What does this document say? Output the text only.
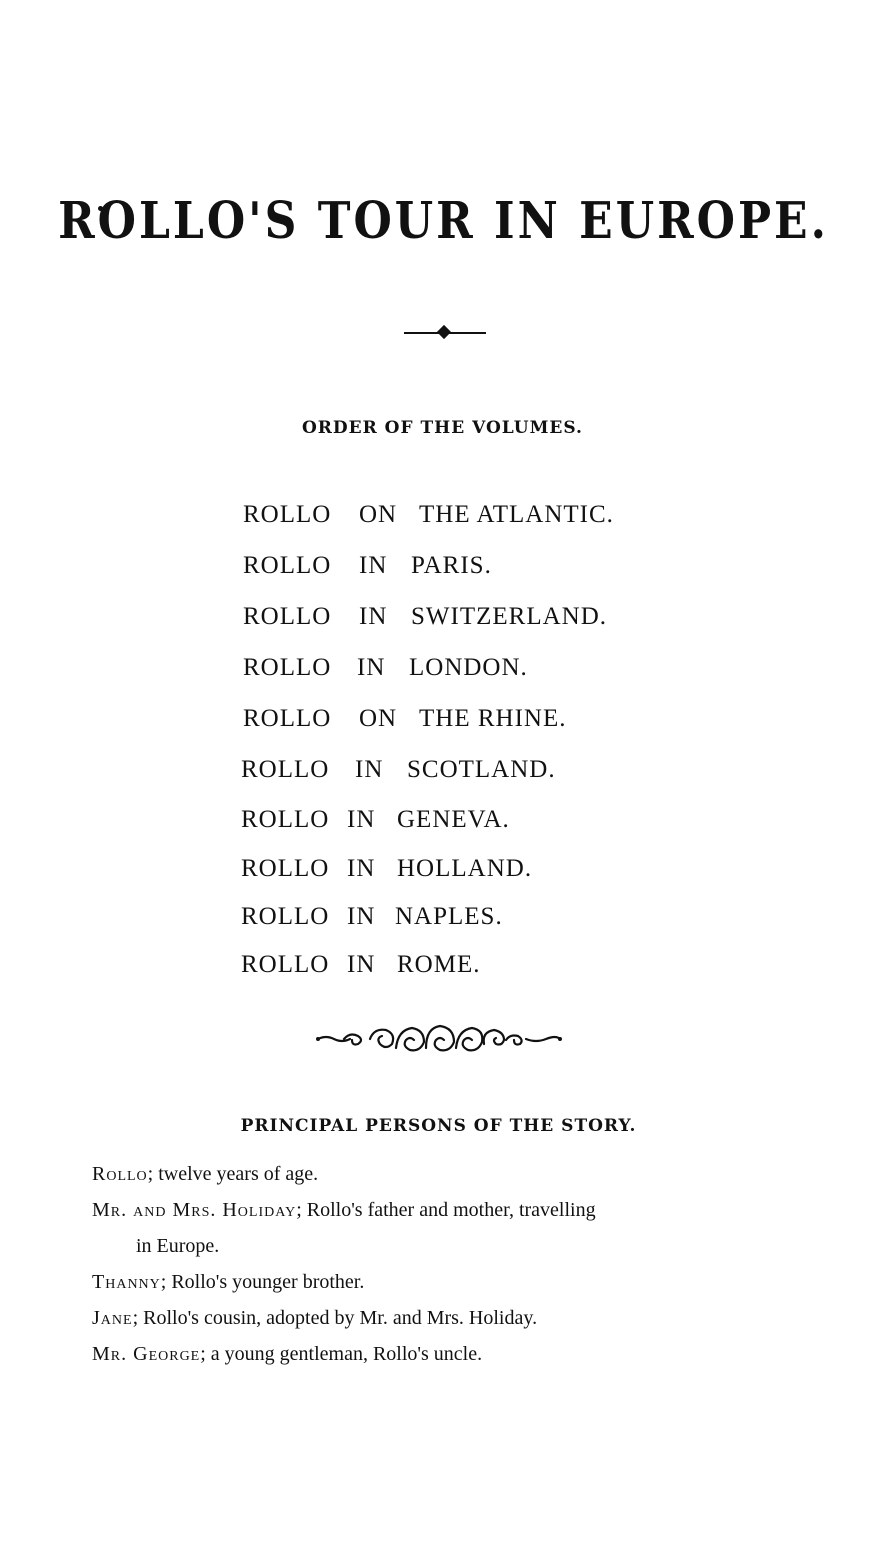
ROLLO'S TOUR IN EUROPE.
ORDER OF THE VOLUMES.
ROLLO ON THE ATLANTIC.
ROLLO IN PARIS.
ROLLO IN SWITZERLAND.
ROLLO IN LONDON.
ROLLO ON THE RHINE.
ROLLO IN SCOTLAND.
ROLLO IN GENEVA.
ROLLO IN HOLLAND.
ROLLO IN NAPLES.
ROLLO IN ROME.
PRINCIPAL PERSONS OF THE STORY.

Rollo; twelve years of age.

Mr. and Mrs. Holiday; Rollo's father and mother, travelling

in Europe.

Thanny; Rollo's younger brother.

Jane; Rollo's cousin, adopted by Mr. and Mrs. Holiday.

Mr. George; a young gentleman, Rollo's uncle.
